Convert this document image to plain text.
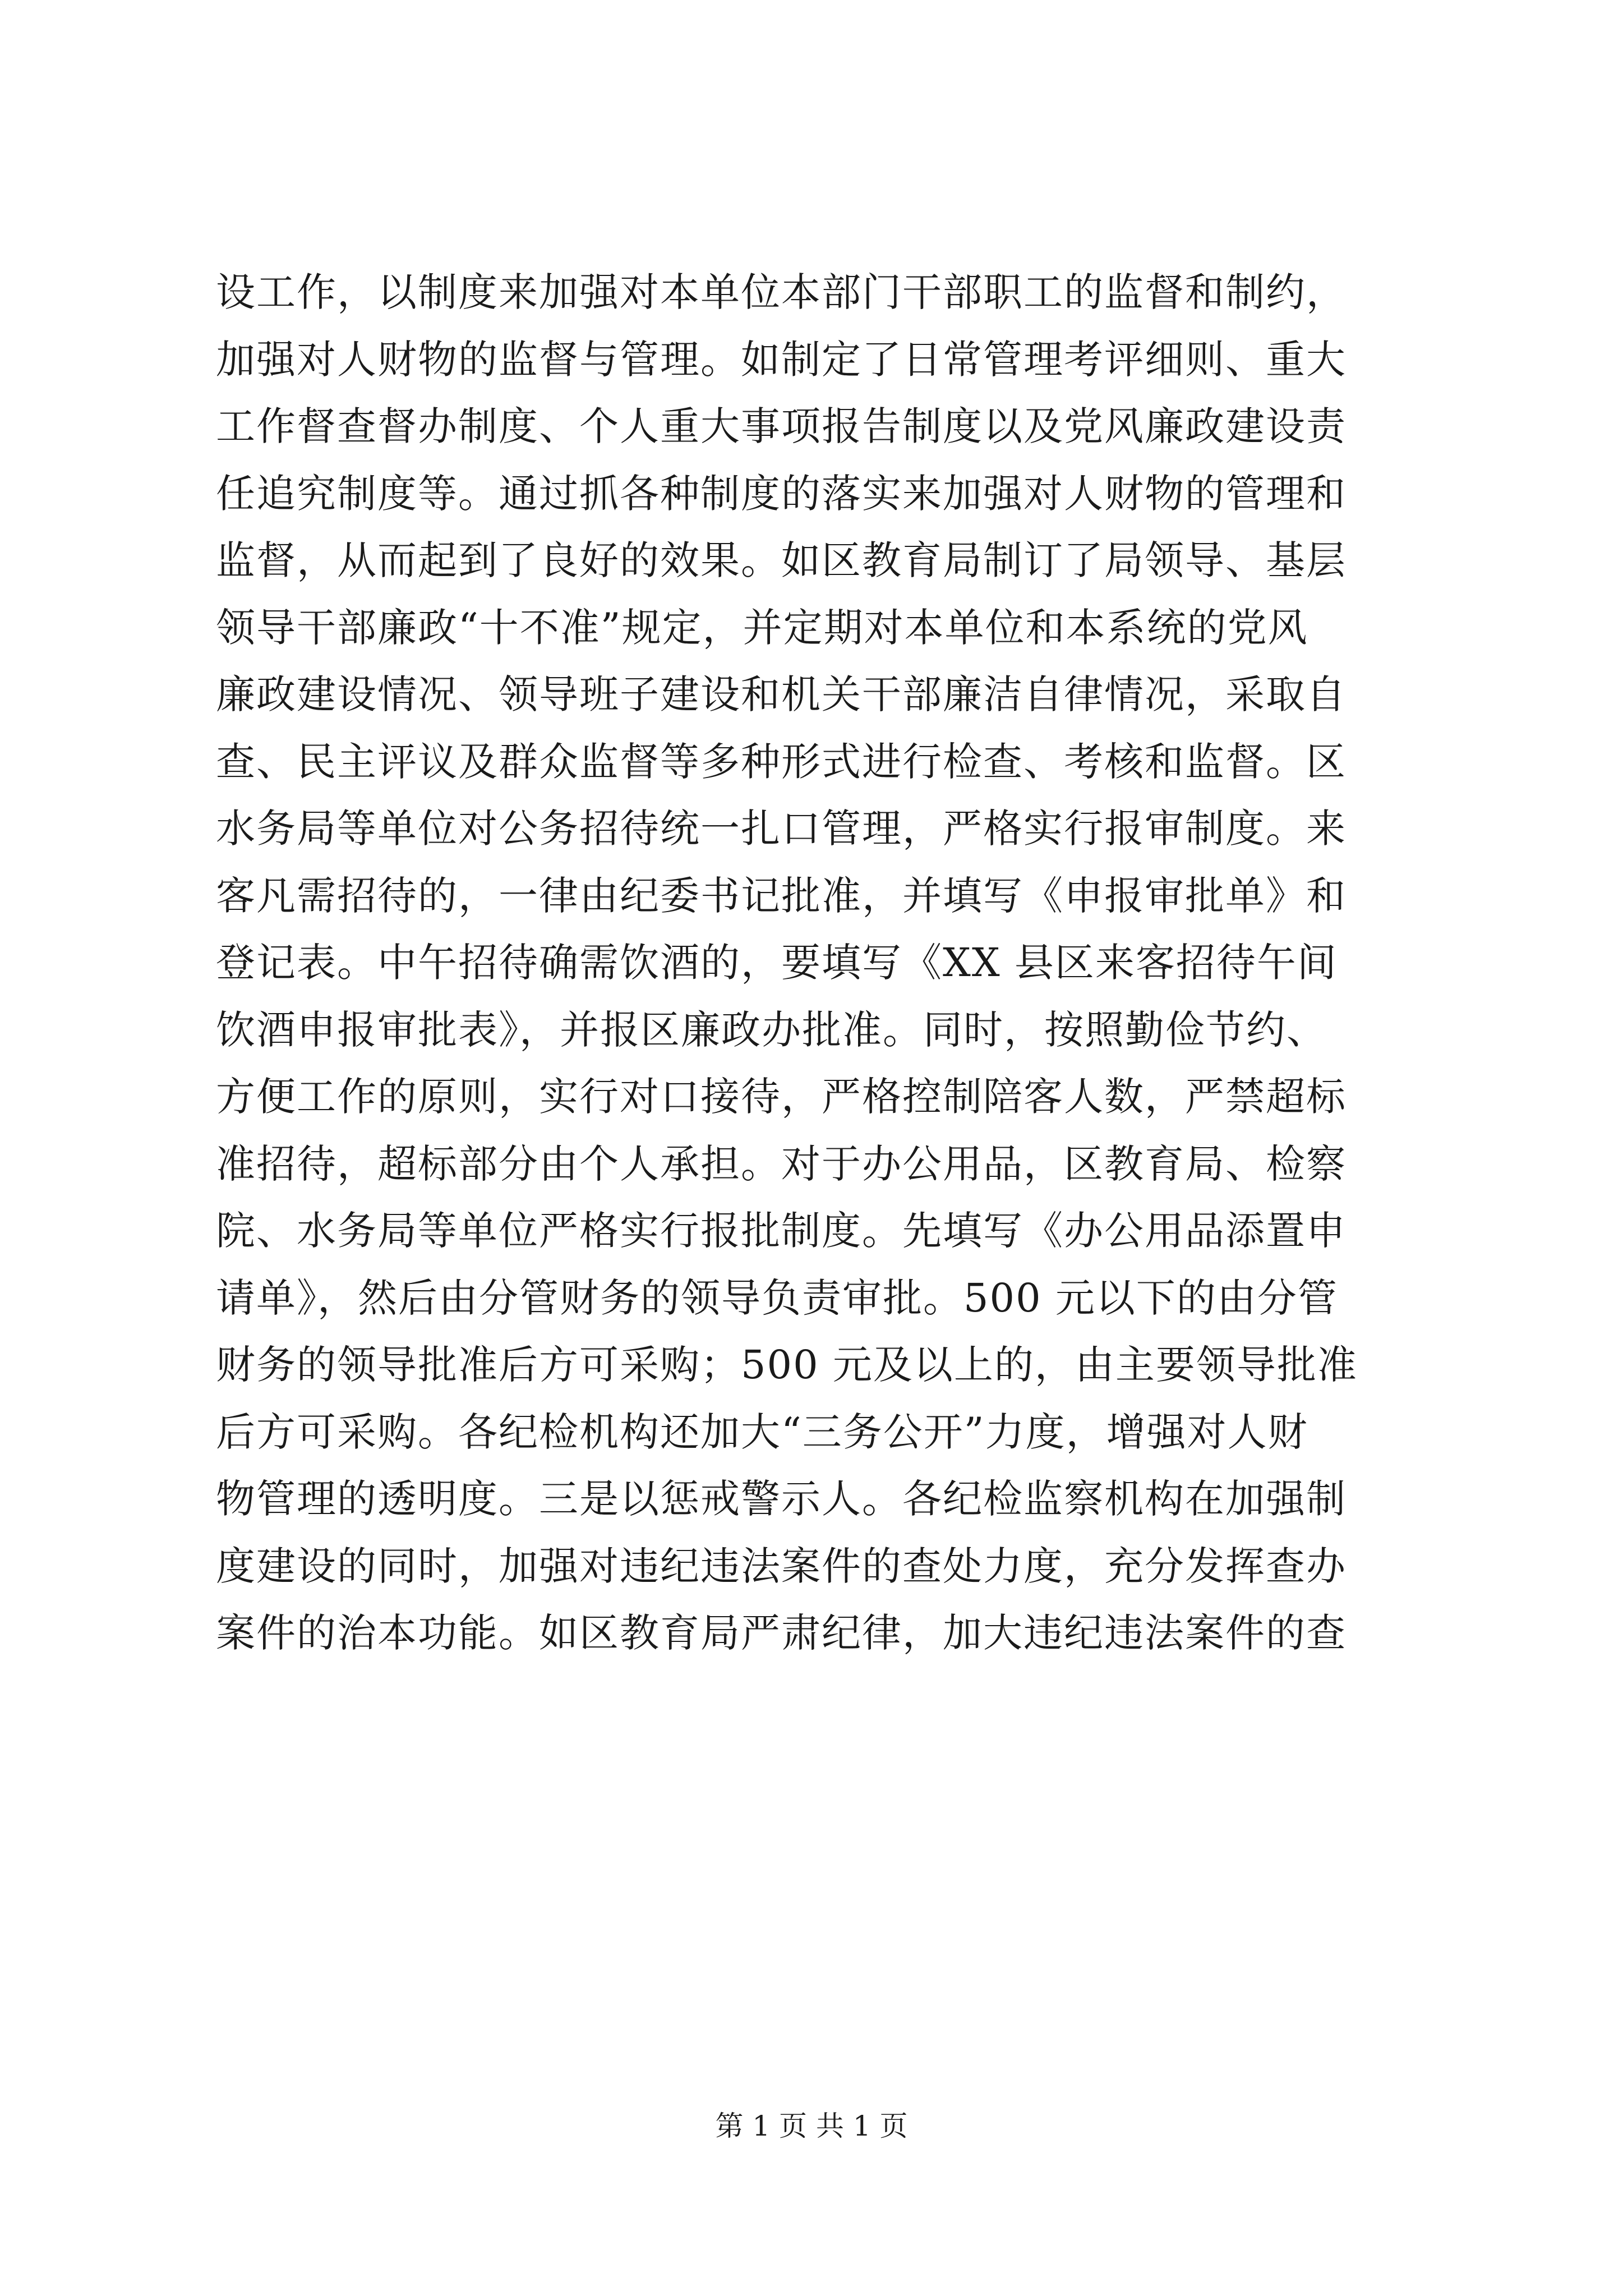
设工作，以制度来加强对本单位本部门干部职工的监督和制约，
加强对人财物的监督与管理。如制定了日常管理考评细则、重大
工作督查督办制度、个人重大事项报告制度以及党风廉政建设责
任追究制度等。通过抓各种制度的落实来加强对人财物的管理和
监督，从而起到了良好的效果。如区教育局制订了局领导、基层
领导干部廉政“十不准”规定，并定期对本单位和本系统的党风
廉政建设情况、领导班子建设和机关干部廉洁自律情况，采取自
查、民主评议及群众监督等多种形式进行检查、考核和监督。区
水务局等单位对公务招待统一扎口管理，严格实行报审制度。来
客凡需招待的，一律由纪委书记批准，并填写《申报审批单》和
登记表。中午招待确需饮酒的，要填写《XX 县区来客招待午间
饮酒申报审批表》，并报区廉政办批准。同时，按照勤俭节约、
方便工作的原则，实行对口接待，严格控制陪客人数，严禁超标
准招待，超标部分由个人承担。对于办公用品，区教育局、检察
院、水务局等单位严格实行报批制度。先填写《办公用品添置申
请单》，然后由分管财务的领导负责审批。500 元以下的由分管
财务的领导批准后方可采购；500 元及以上的，由主要领导批准
后方可采购。各纪检机构还加大“三务公开”力度，增强对人财
物管理的透明度。三是以惩戒警示人。各纪检监察机构在加强制
度建设的同时，加强对违纪违法案件的查处力度，充分发挥查办
案件的治本功能。如区教育局严肃纪律，加大违纪违法案件的查
第 1 页 共 1 页
